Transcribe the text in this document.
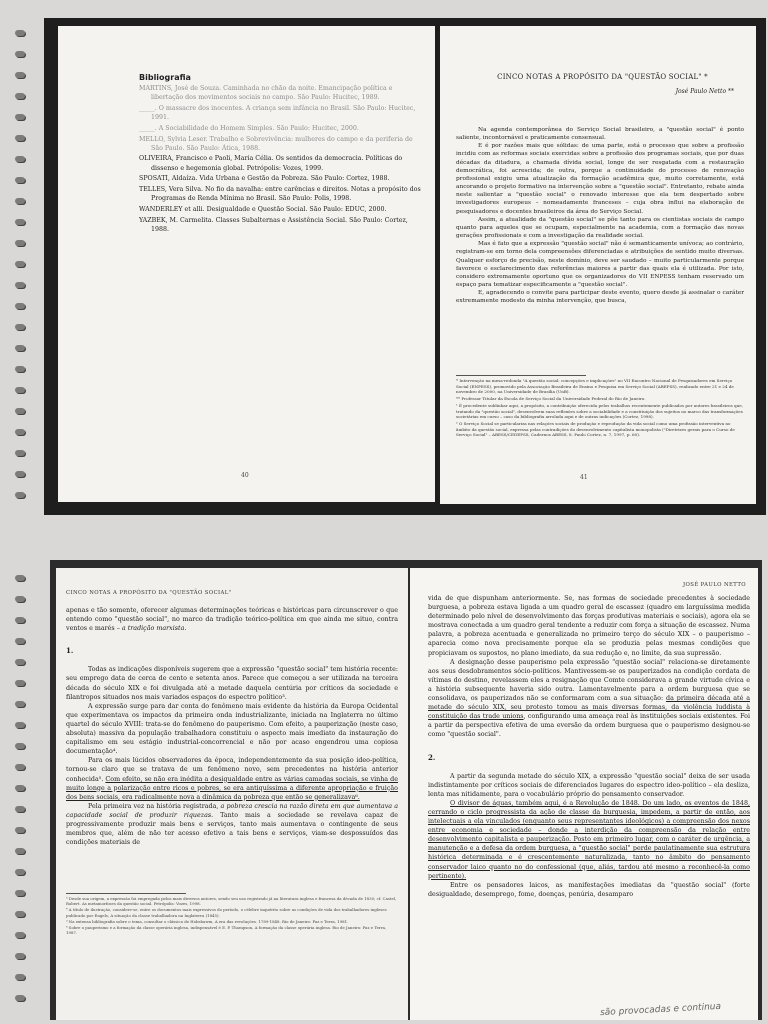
Bibliografia

MARTINS, José de Souza. Caminhada no chão da noite. Emancipação política e libertação dos movimentos sociais no campo. São Paulo: Hucitec, 1989.

_____. O massacre dos inocentes. A criança sem infância no Brasil. São Paulo: Hucitec, 1991.

_____. A Sociabilidade do Homem Simples. São Paulo: Hucitec, 2000.

MELLO, Sylvia Leser. Trabalho e Sobrevivência: mulheres do campo e da periferia de São Paulo. São Paulo: Ática, 1988.

OLIVEIRA, Francisco e Paoli, Maria Célia. Os sentidos da democracia. Políticas do dissenso e hegemonia global. Petrópolis: Vozes, 1999.

SPOSATI, Aldaíza. Vida Urbana e Gestão da Pobreza. São Paulo: Cortez, 1988.

TELLES, Vera Silva. No fio da navalha: entre carências e direitos. Notas a propósito dos Programas de Renda Mínima no Brasil. São Paulo: Polis, 1998.

WANDERLEY et alli. Desigualdade e Questão Social. São Paulo: EDUC, 2000.

YAZBEK, M. Carmelita. Classes Subalternas e Assistência Social. São Paulo: Cortez, 1988.

40
CINCO NOTAS A PROPÓSITO DA "QUESTÃO SOCIAL" *
José Paulo Netto **

Na agenda contemporânea do Serviço Social brasileiro, a "questão social" é ponto saliente, incontornável e praticamente consensual.

E é por razões mais que sólidas: de uma parte, está o processo que sobre a profissão incidiu com as reformas sociais exercidas sobre a profissão dos programas sociais, que por duas décadas da ditadura, a chamada dívida social, longe de ser resgatada com a restauração democrática, foi acrescida; de outra, porque a continuidade do processo de renovação profissional exigiu uma atualização da formação acadêmica que, muito corretamente, está ancorando o projeto formativo na intervenção sobre a "questão social". Entretanto, rebate ainda neste salientar a "questão social" o renovado interesse que ela tem despertado sobre investigadores europeus – nomeadamente franceses – cuja obra influi na elaboração de pesquisadores e docentes brasileiros da área do Serviço Social.

Assim, a atualidade da "questão social" se põe tanto para os cientistas sociais de campo quanto para aqueles que se ocupam, especialmente na academia, com a formação das novas gerações profissionais e com a investigação da realidade social.

Mas é fato que a expressão "questão social" não é semanticamente unívoca; ao contrário, registram-se em torno dela compreensões diferenciadas e atribuições de sentido muito diversas. Qualquer esforço de precisão, neste domínio, deve ser saudado – muito particularmente porque favorece o esclarecimento das referências maiores a partir das quais ela é utilizada. Por isto, considero extremamente oportuno que os organizadores do VII ENPESS tenham reservado um espaço para tematizar especificamente a "questão social".

E, agradecendo o convite para participar deste evento, quero desde já assinalar o caráter extremamente modesto da minha intervenção, que busca,

* Intervenção na mesa-redonda "A questão social: concepções e implicações" no VII Encontro Nacional de Pesquisadores em Serviço Social (ENPESS), promovido pela Associação Brasileira de Ensino e Pesquisa em Serviço Social (ABEPSS), realizado entre 21 e 24 de novembro de 2000, na Universidade de Brasília (UnB).

** Professor Titular da Escola de Serviço Social da Universidade Federal do Rio de Janeiro.

¹ É procedente sublinhar aqui, a propósito, a contribuição oferecida pelos trabalhos recentemente publicados por autores brasileiros que, tratando da "questão social", desenvolvem suas reflexões sobre a sociabilidade e a constituição dos sujeitos no marco das transformações societárias em curso – caso da bibliografia arrolada aqui e de outras indicações (Cortez, 1998).

² O Serviço Social se particulariza nas relações sociais de produção e reprodução da vida social como uma profissão interventiva no âmbito da questão social, expressa pelas contradições do desenvolvimento capitalista monopolista ("Diretrizes gerais para o Curso de Serviço Social" – ABESS/CEDEPSS, Cadernos ABESS, 8. Paulo Cortez, n. 7, 1997, p. 60).

41
CINCO NOTAS A PROPÓSITO DA "QUESTÃO SOCIAL"

apenas e tão somente, oferecer algumas determinações teóricas e históricas para circunscrever o que entendo como "questão social", no marco da tradição teórico-política em que ainda me situo, contra ventos e marés – a tradição marxista.

1.

Todas as indicações disponíveis sugerem que a expressão "questão social" tem história recente: seu emprego data de cerca de cento e setenta anos. Parece que começou a ser utilizada na terceira década do século XIX e foi divulgada até a metade daquela centúria por críticos da sociedade e filantropos situados nos mais variados espaços do espectro político³.

A expressão surge para dar conta do fenômeno mais evidente da história da Europa Ocidental que experimentava os impactos da primeira onda industrializante, iniciada na Inglaterra no último quartel do século XVIII: trata-se do fenômeno do pauperismo. Com efeito, a pauperização (neste caso, absoluta) massiva da população trabalhadora constituiu o aspecto mais imediato da instauração do capitalismo em seu estágio industrial-concorrencial e não por acaso engendrou uma copiosa documentação⁴.

Para os mais lúcidos observadores da época, independentemente da sua posição ideo-política, tornou-se claro que se tratava de um fenômeno novo, sem precedentes na história anterior conhecida⁵. Com efeito, se não era inédita a desigualdade entre as várias camadas sociais, se vinha de muito longe a polarização entre ricos e pobres, se era antiquíssima a diferente apropriação e fruição dos bens sociais, era radicalmente nova a dinâmica da pobreza que então se generalizava⁶.

Pela primeira vez na história registrada, a pobreza crescia na razão direta em que aumentava a capacidade social de produzir riquezas. Tanto mais a sociedade se revelava capaz de progressivamente produzir mais bens e serviços, tanto mais aumentava o contingente de seus membros que, além de não ter acesso efetivo a tais bens e serviços, viam-se despossuídos das condições materiais de

³ Desde sua origem, a expressão foi empregada pelos mais diversos autores, sendo seu uso registrado já na literatura inglesa e francesa da década de 1830; cf. Castel, Robert. As metamorfoses da questão social. Petrópolis: Vozes, 1998.

⁴ A título de ilustração, considere-se, entre os documentos mais expressivos do período, o célebre inquérito sobre as condições de vida dos trabalhadores ingleses publicado por Engels, A situação da classe trabalhadora na Inglaterra (1845).

⁵ Na extensa bibliografia sobre o tema, consultar o clássico de Hobsbawm, A era das revoluções. 1789-1848. Rio de Janeiro: Paz e Terra, 1981.

⁶ Sobre o pauperismo e a formação da classe operária inglesa, indispensável é E. P. Thompson, A formação da classe operária inglesa. Rio de Janeiro: Paz e Terra, 1987.

JOSÉ PAULO NETTO

vida de que dispunham anteriormente. Se, nas formas de sociedade precedentes à sociedade burguesa, a pobreza estava ligada a um quadro geral de escassez (quadro em larguíssima medida determinado pelo nível de desenvolvimento das forças produtivas materiais e sociais), agora ela se mostrava conectada a um quadro geral tendente a reduzir com força a situação de escassez. Numa palavra, a pobreza acentuada e generalizada no primeiro terço do século XIX – o pauperismo – aparecia como nova precisamente porque ela se produzia pelas mesmas condições que propiciavam os supostos, no plano imediato, da sua redução e, no limite, da sua supressão.

A designação desse pauperismo pela expressão "questão social" relaciona-se diretamente aos seus desdobramentos sócio-políticos. Mantivessem-se os pauperizados na condição cordata de vítimas do destino, revelassem eles a resignação que Comte considerava a grande virtude cívica e a história subsequente haveria sido outra. Lamentavelmente para a ordem burguesa que se consolidava, os pauperizados não se conformaram com a sua situação: da primeira década até a metade do século XIX, seu protesto tomou as mais diversas formas, da violência luddista à constituição das trade unions, configurando uma ameaça real às instituições sociais existentes. Foi a partir da perspectiva efetiva de uma eversão da ordem burguesa que o pauperismo designou-se como "questão social".

2.

A partir da segunda metade do século XIX, a expressão "questão social" deixa de ser usada indistintamente por críticos sociais de diferenciados lugares do espectro ideo-político – ela desliza, lenta mas nitidamente, para o vocabulário próprio do pensamento conservador.

O divisor de águas, também aqui, é a Revolução de 1848. Do um lado, os eventos de 1848, cerrando o ciclo progressista da ação de classe da burguesia, impedem, a partir de então, aos intelectuais a ela vinculados (enquanto seus representantes ideológicos) a compreensão dos nexos entre economia e sociedade – donde a interdição da compreensão da relação entre desenvolvimento capitalista e pauperização. Posto em primeiro lugar, com o caráter de urgência, a manutenção e a defesa da ordem burguesa, a "questão social" perde paulatinamente sua estrutura histórica determinada e é crescentemente naturalizada, tanto no âmbito do pensamento conservador laico quanto no do confessional (que, aliás, tardou até mesmo a reconhecê-la como pertinente).

Entre os pensadores laicos, as manifestações imediatas da "questão social" (forte desigualdade, desemprego, fome, doenças, penúria, desamparo

são provocadas e continua
